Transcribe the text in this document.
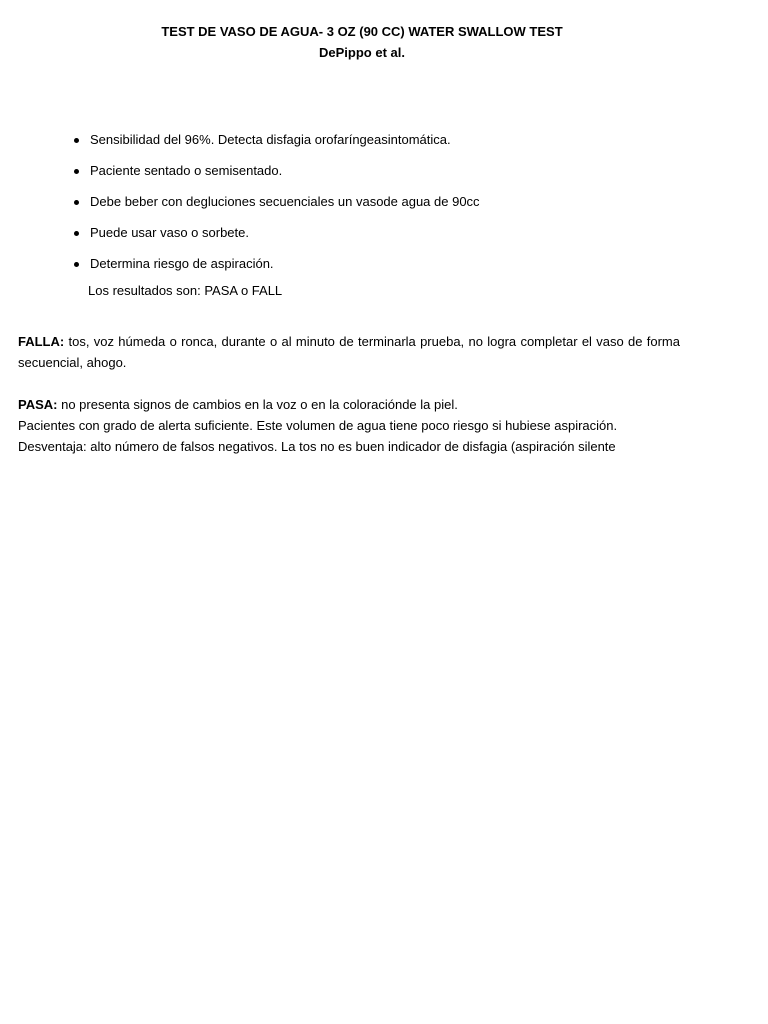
TEST DE VASO DE AGUA- 3 OZ (90 CC) WATER SWALLOW TEST
DePippo et al.
Sensibilidad del 96%. Detecta disfagia orofaríngeasintomática.
Paciente sentado o semisentado.
Debe beber con degluciones secuenciales un vasode agua de 90cc
Puede usar vaso o sorbete.
Determina riesgo de aspiración.
Los resultados son: PASA o FALL
FALLA: tos, voz húmeda o ronca, durante o al minuto de terminarla prueba, no logra completar el vaso de forma secuencial, ahogo.
PASA: no presenta signos de cambios en la voz o en la coloraciónde la piel.
Pacientes con grado de alerta suficiente. Este volumen de agua tiene poco riesgo si hubiese aspiración.
Desventaja: alto número de falsos negativos. La tos no es buen indicador de disfagia (aspiración silente
